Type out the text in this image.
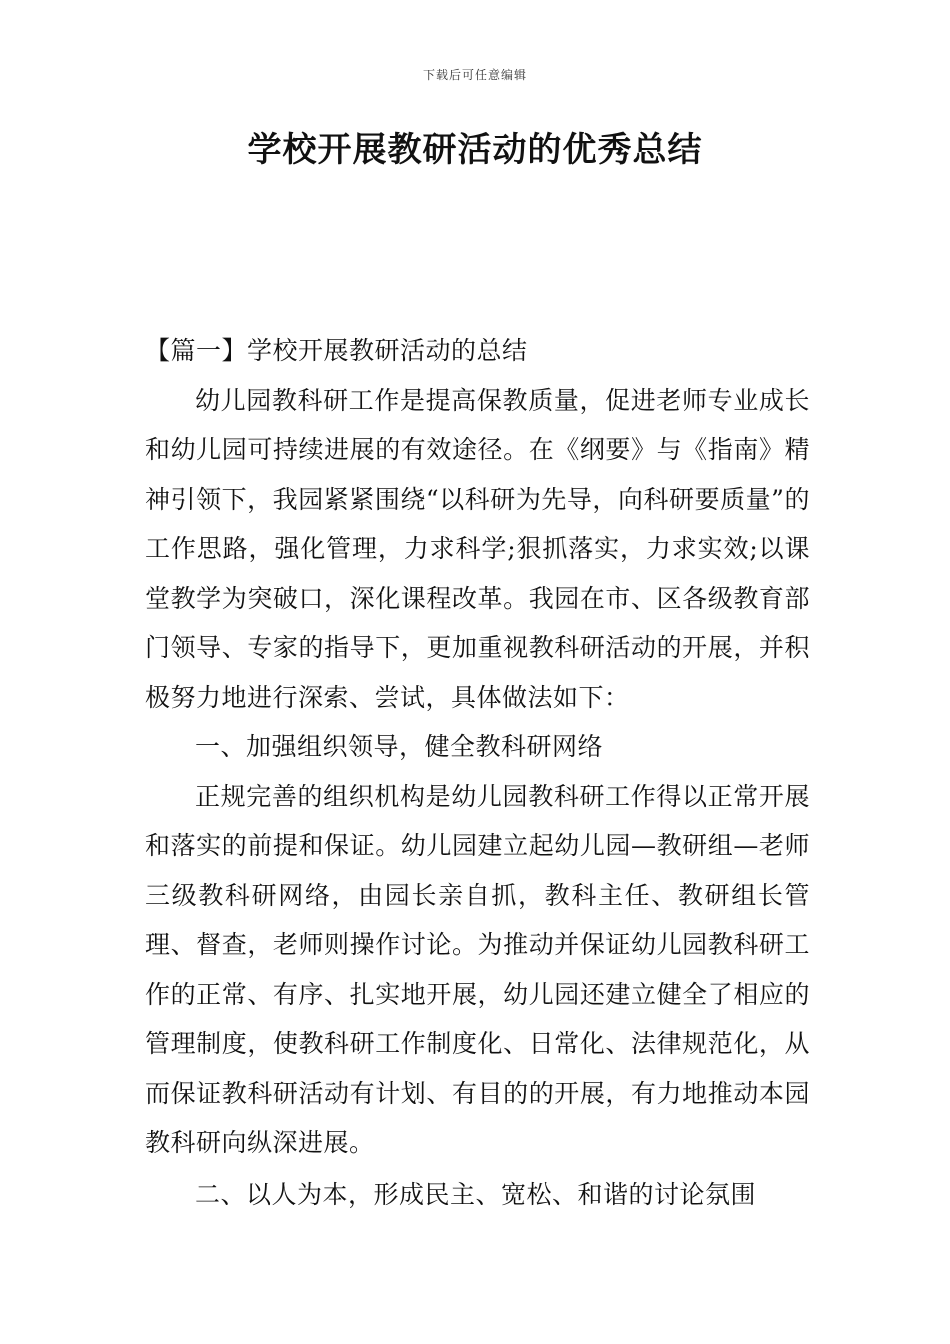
下载后可任意编辑
学校开展教研活动的优秀总结

【篇一】学校开展教研活动的总结

幼儿园教科研工作是提高保教质量，促进老师专业成长和幼儿园可持续进展的有效途径。在《纲要》与《指南》精神引领下，我园紧紧围绕“以科研为先导，向科研要质量”的工作思路，强化管理，力求科学;狠抓落实，力求实效;以课堂教学为突破口，深化课程改革。我园在市、区各级教育部门领导、专家的指导下，更加重视教科研活动的开展，并积极努力地进行深索、尝试，具体做法如下：

一、加强组织领导，健全教科研网络

正规完善的组织机构是幼儿园教科研工作得以正常开展和落实的前提和保证。幼儿园建立起幼儿园—教研组—老师三级教科研网络，由园长亲自抓，教科主任、教研组长管理、督查，老师则操作讨论。为推动并保证幼儿园教科研工作的正常、有序、扎实地开展，幼儿园还建立健全了相应的管理制度，使教科研工作制度化、日常化、法律规范化，从而保证教科研活动有计划、有目的的开展，有力地推动本园教科研向纵深进展。

二、以人为本，形成民主、宽松、和谐的讨论氛围
